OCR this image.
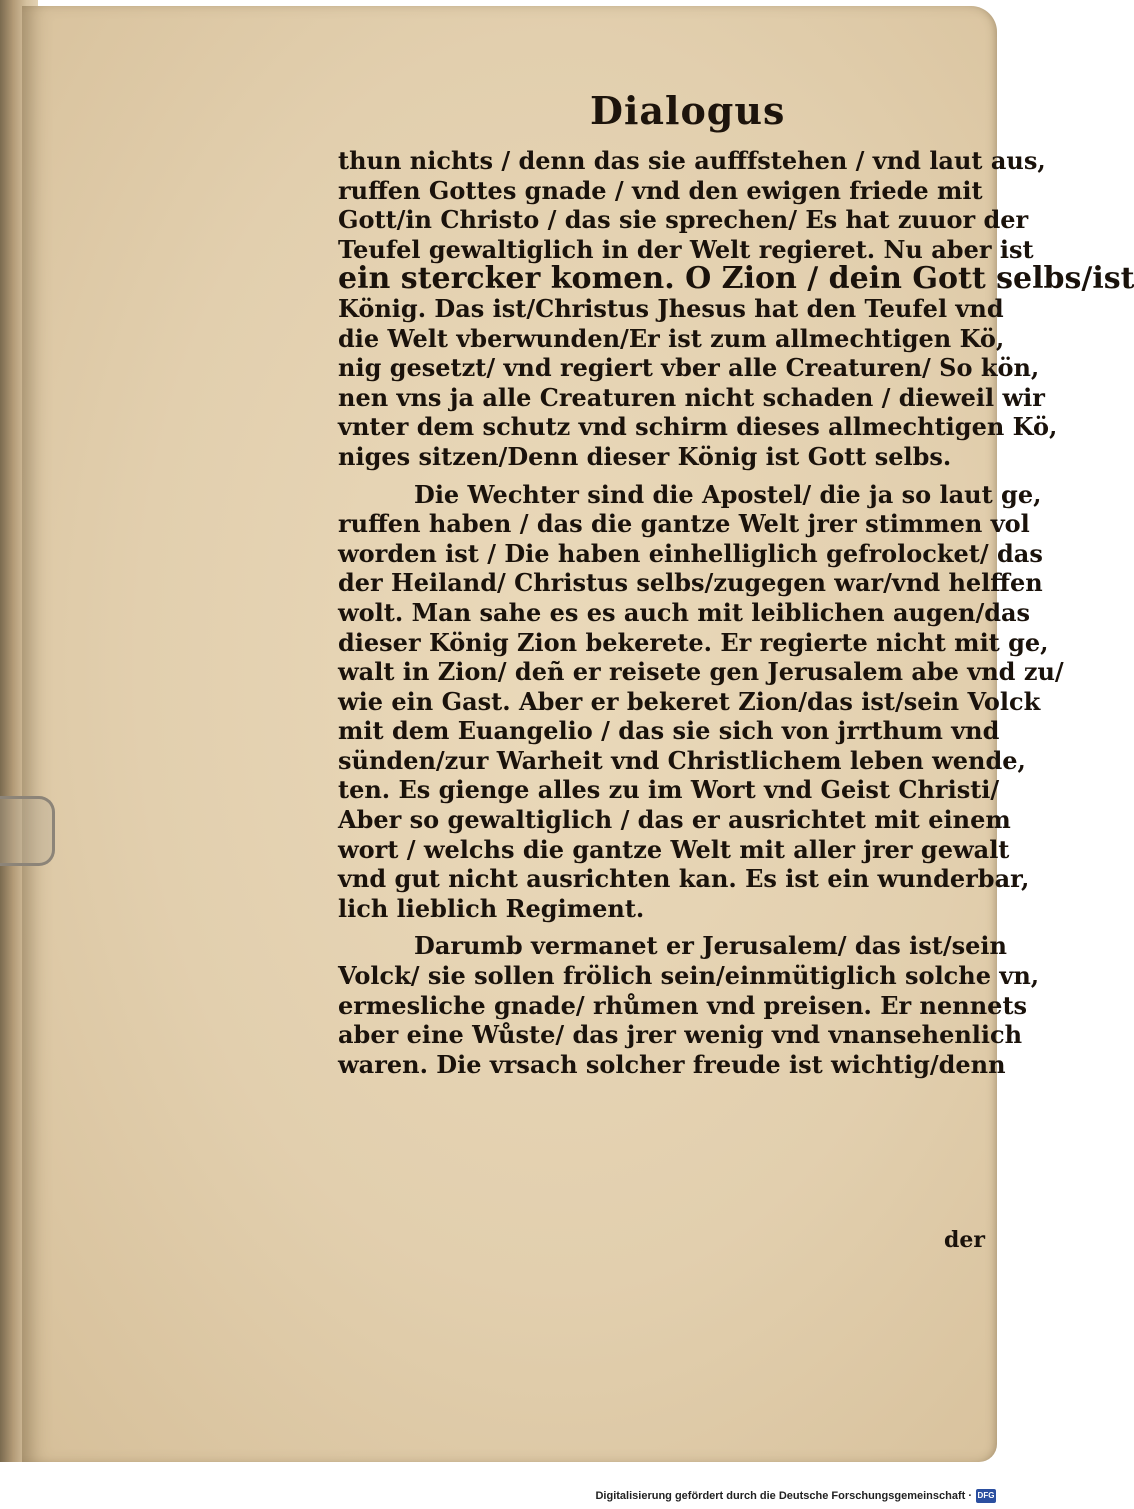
Dialogus
thun nichts / denn das sie aufffstehen / vnd laut aus,
ruffen Gottes gnade / vnd den ewigen friede mit
Gott/in Christo / das sie sprechen/ Es hat zuuor der
Teufel gewaltiglich in der Welt regieret. Nu aber ist
ein stercker komen. O Zion / dein Gott selbs/ist
König. Das ist/Christus Jhesus hat den Teufel vnd
die Welt vberwunden/Er ist zum allmechtigen Kö,
nig gesetzt/ vnd regiert vber alle Creaturen/ So kön,
nen vns ja alle Creaturen nicht schaden / dieweil wir
vnter dem schutz vnd schirm dieses allmechtigen Kö,
niges sitzen/Denn dieser König ist Gott selbs.
Die Wechter sind die Apostel/ die ja so laut ge,
ruffen haben / das die gantze Welt jrer stimmen vol
worden ist / Die haben einhelliglich gefrolocket/ das
der Heiland/ Christus selbs/zugegen war/vnd helffen
wolt. Man sahe es es auch mit leiblichen augen/das
dieser König Zion bekerete. Er regierte nicht mit ge,
walt in Zion/ deñ er reisete gen Jerusalem abe vnd zu/
wie ein Gast. Aber er bekeret Zion/das ist/sein Volck
mit dem Euangelio / das sie sich von jrrthum vnd
sünden/zur Warheit vnd Christlichem leben wende,
ten. Es gienge alles zu im Wort vnd Geist Christi/
Aber so gewaltiglich / das er ausrichtet mit einem
wort / welchs die gantze Welt mit aller jrer gewalt
vnd gut nicht ausrichten kan. Es ist ein wunderbar,
lich lieblich Regiment.
Darumb vermanet er Jerusalem/ das ist/sein
Volck/ sie sollen frölich sein/einmütiglich solche vn,
ermesliche gnade/ rhůmen vnd preisen. Er nennets
aber eine Wůste/ das jrer wenig vnd vnansehenlich
waren. Die vrsach solcher freude ist wichtig/denn
der
Digitalisierung gefördert durch die Deutsche Forschungsgemeinschaft · DFG
